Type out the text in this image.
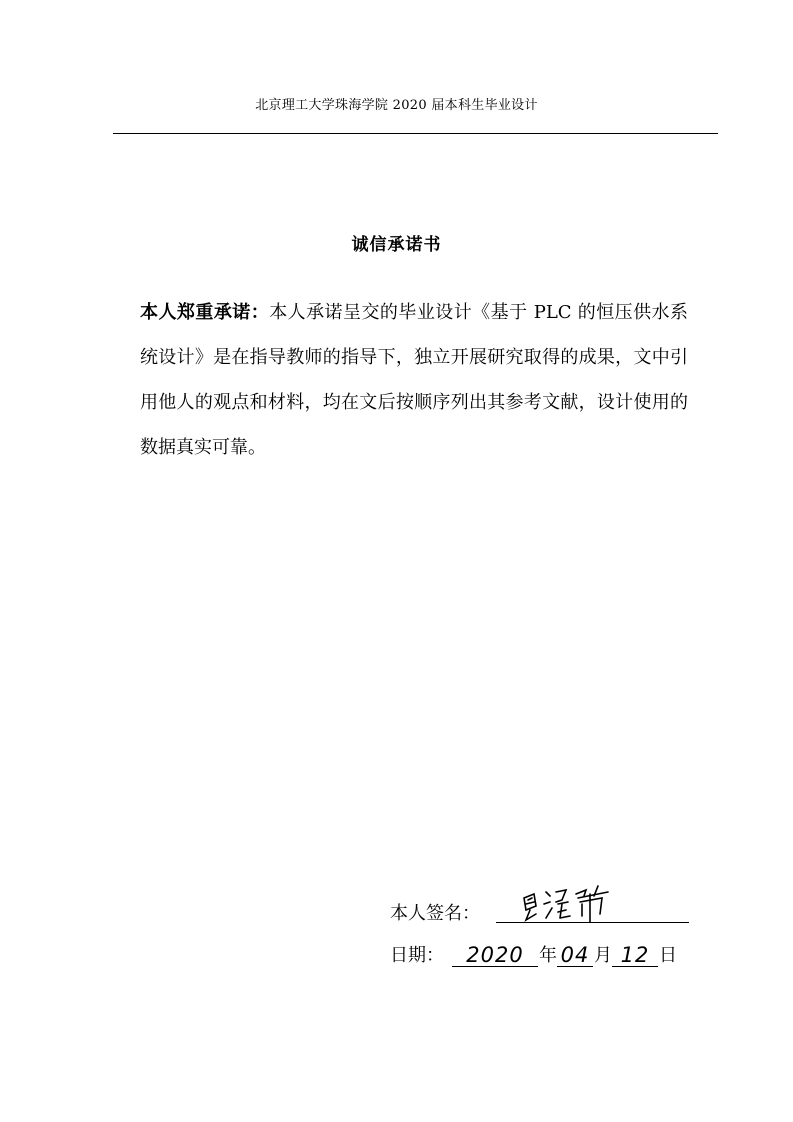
北京理工大学珠海学院 2020 届本科生毕业设计
诚信承诺书
本人郑重承诺：本人承诺呈交的毕业设计《基于 PLC 的恒压供水系统设计》是在指导教师的指导下，独立开展研究取得的成果，文中引用他人的观点和材料，均在文后按顺序列出其参考文献，设计使用的数据真实可靠。
本人签名：
日期：	2020 年 04 月 12 日
